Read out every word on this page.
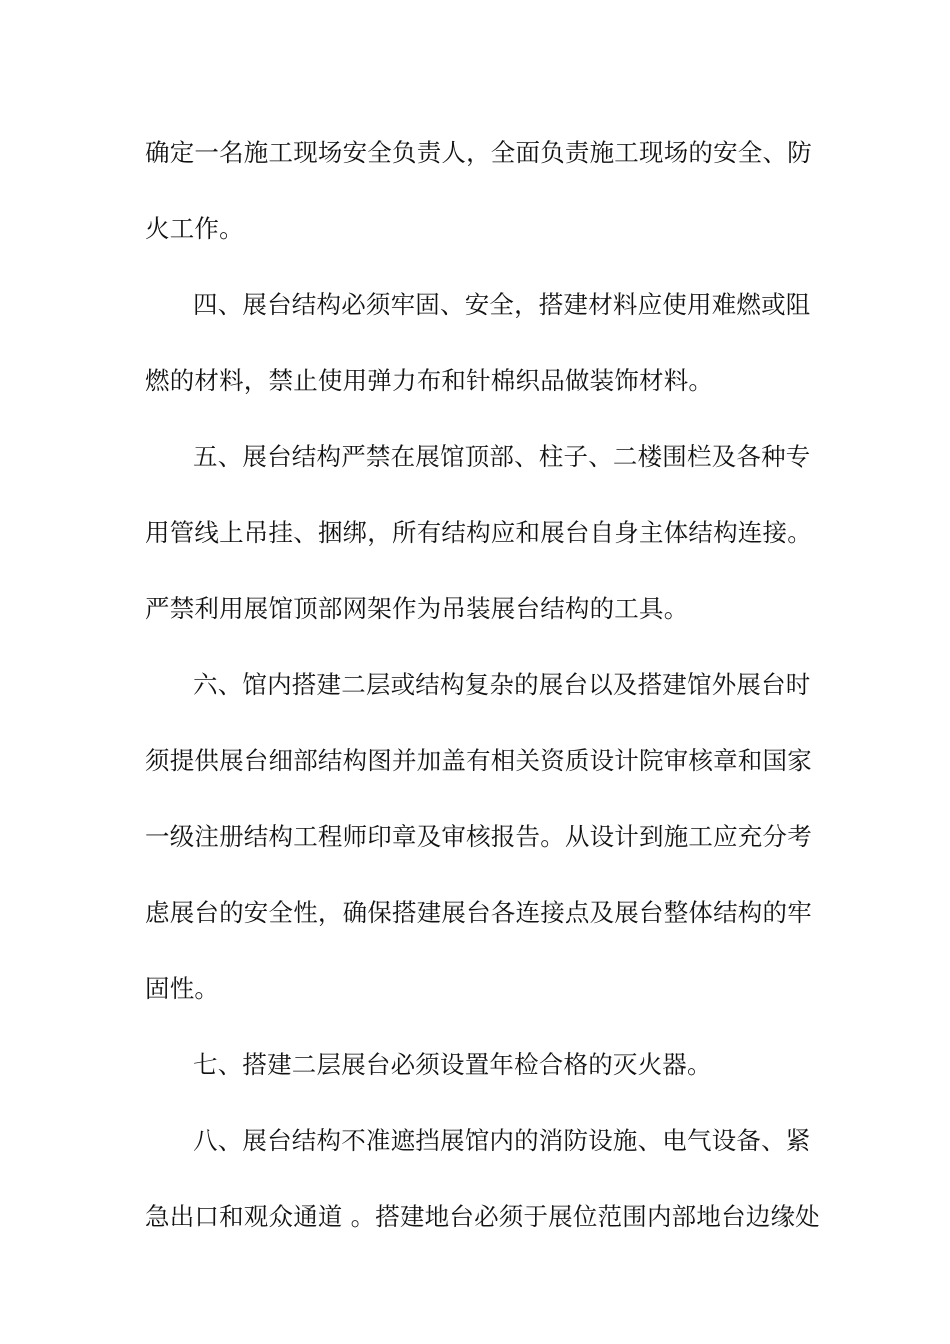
确定一名施工现场安全负责人，全面负责施工现场的安全、防
火工作。
四、展台结构必须牢固、安全，搭建材料应使用难燃或阻
燃的材料，禁止使用弹力布和针棉织品做装饰材料。
五、展台结构严禁在展馆顶部、柱子、二楼围栏及各种专
用管线上吊挂、捆绑，所有结构应和展台自身主体结构连接。
严禁利用展馆顶部网架作为吊装展台结构的工具。
六、馆内搭建二层或结构复杂的展台以及搭建馆外展台时
须提供展台细部结构图并加盖有相关资质设计院审核章和国家
一级注册结构工程师印章及审核报告。从设计到施工应充分考
虑展台的安全性，确保搭建展台各连接点及展台整体结构的牢
固性。
七、搭建二层展台必须设置年检合格的灭火器。
八、展台结构不准遮挡展馆内的消防设施、电气设备、紧
急出口和观众通道 。搭建地台必须于展位范围内部地台边缘处
